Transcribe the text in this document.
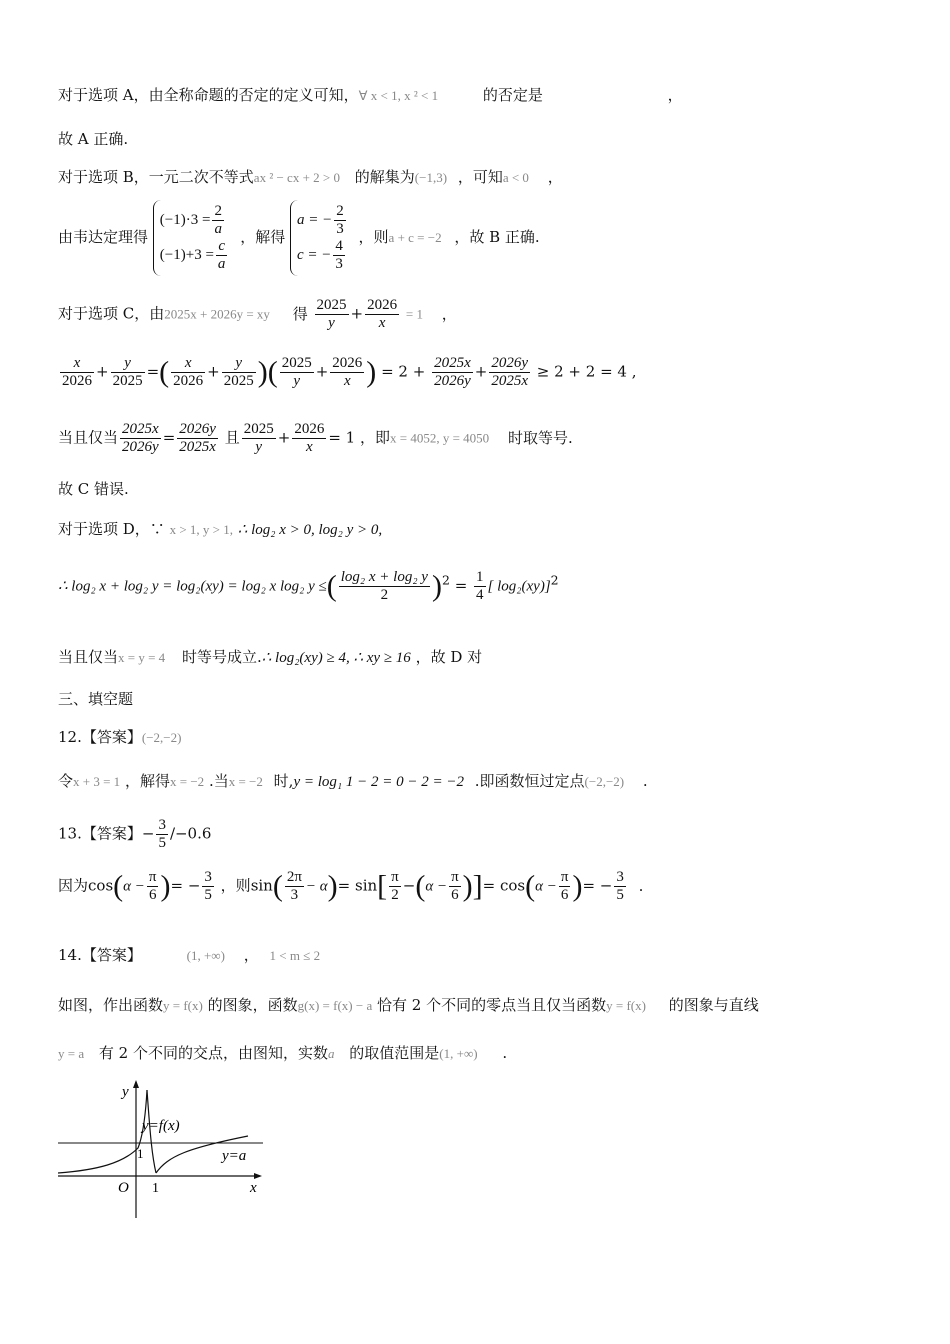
对于选项 A，由全称命题的否定的定义可知，∀ x < 1, x ² < 1	的否定是	，
故 A 正确.
对于选项 B，一元二次不等式ax ² − cx + 2 > 0 的解集为(−1,3) ，可知a < 0 ，
由韦达定理得
$(-1)\cdot 3 = \frac{2}{a}$
$(-1)+3 = \frac{c}{a}$
，解得
a = − $\frac{2}{3}$
c = − $\frac{4}{3}$
，则a + c = −2 ，故 B 正确.
对于选项 C，由2025x + 2026y = xy 得 $\frac{2025}{y} + \frac{2026}{x} = 1$ ，
$\frac{x}{2026} + \frac{y}{2025}$ =( $\frac{x}{2026} + \frac{y}{2025}$ )( $\frac{2025}{y} + \frac{2026}{x}$ ) = $2 + \frac{2025x}{2026y} + \frac{2026y}{2025x} \ge 2 + 2 = 4$ ,
当且仅当 $\frac{2025x}{2026y} = \frac{2026y}{2025x}$ 且 $\frac{2025}{y} + \frac{2026}{x} = 1$ ，即x = 4052, y = 4050 时取等号.
故 C 错误.
对于选项 D，∵ x > 1, y > 1, ∴ log₂ x > 0, log₂ y > 0,
∴ log₂ x + log₂ y = log₂(xy) = log₂ x log₂ y ≤( $\frac{\text{log₂ x + log₂ y}}{2} )^2 = \frac{1}{4}$ [ log₂(xy)]$^2$
当且仅当x = y = 4 时等号成立.∴ log₂(xy) ≥ 4, ∴ xy ≥ 16 ，故 D 对
三、填空题
12.【答案】(−2,−2)
令x + 3 = 1 ，解得x = −2 .当x = −2 时,y = log₁ 1 − 2 = 0 − 2 = −2 .即函数恒过定点(−2,−2) .
13.【答案】− $\frac{3}{5} /-0.6$
因为$\cos(\alpha - \frac{\pi}{6}$ )= − $\frac{3}{5}$ ，则$\sin( \frac{2\pi}{3} - \alpha)= \sin[ \frac{\pi}{2} -(\alpha - \frac{\pi}{6}$ )]= $\cos(\alpha - \frac{\pi}{6}$ )= − $\frac{3}{5}$ .
14.【答案】	(1, +∞) ， 1 < m ≤ 2
如图，作出函数y = f(x) 的图象，函数g(x) = f(x) − a 恰有 2 个不同的零点当且仅当函数y = f(x) 的图象与直线
y = a 有 2 个不同的交点，由图知，实数a 的取值范围是(1, +∞) .
y
x
O 1
1
y=f(x)
y=a
